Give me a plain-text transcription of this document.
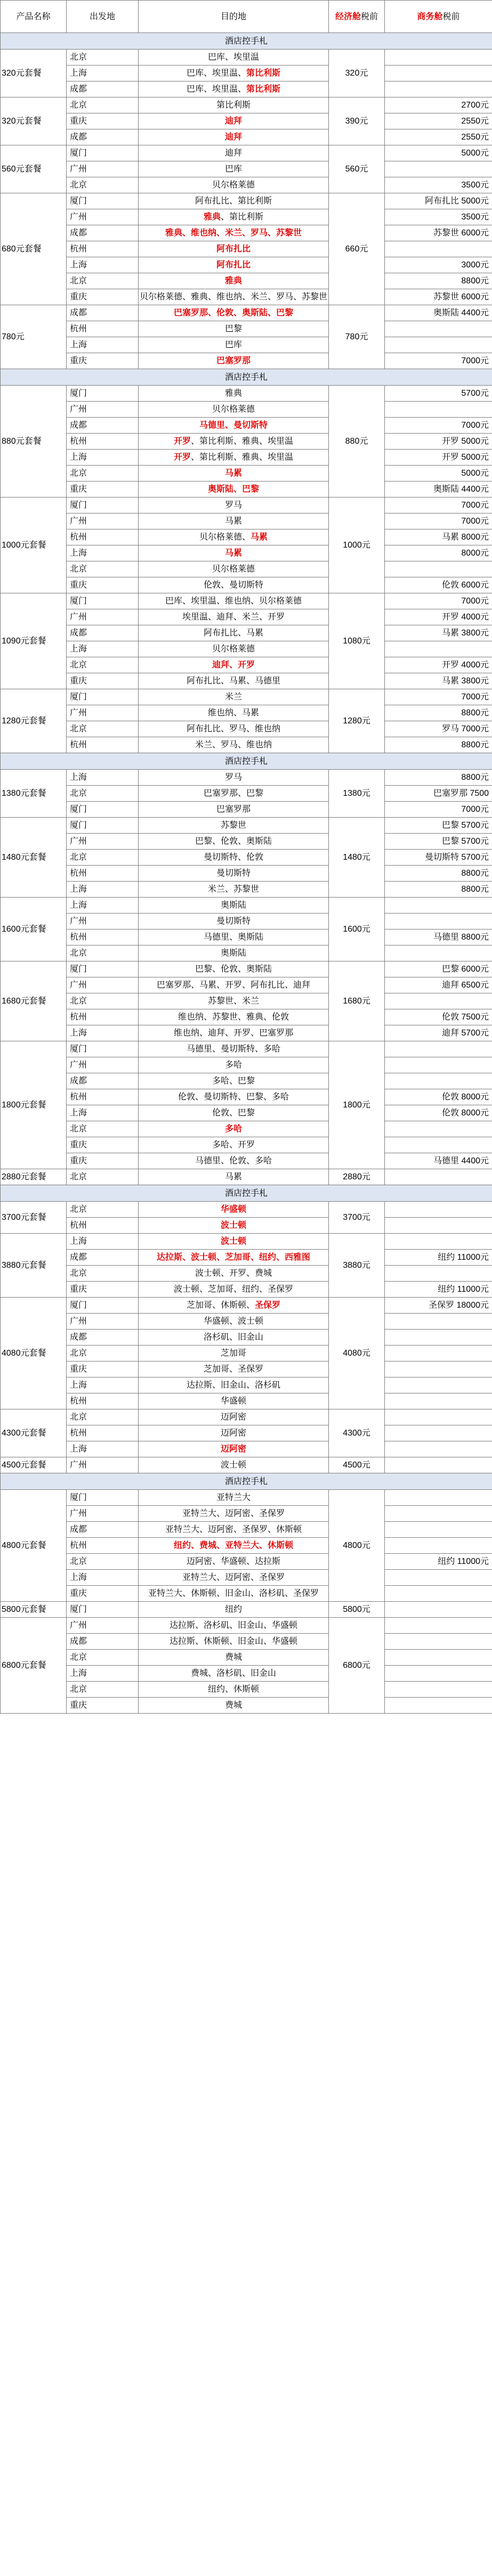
产品名称	出发地	目的地	经济舱税前	商务舱税前
酒店控手札				
320元套餐	北京	巴库、埃里温	320元	
	上海	巴库、埃里温、第比利斯		
	成都	巴库、埃里温、第比利斯		
320元套餐	北京	第比利斯	390元	2700元
	重庆	迪拜		2550元
	成都	迪拜		2550元
560元套餐	厦门	迪拜	560元	5000元
	广州	巴库		
	北京	贝尔格莱德		3500元
680元套餐	厦门	阿布扎比、第比利斯	660元	阿布扎比 5000元
	广州	雅典、第比利斯		3500元
	成都	雅典、维也纳、米兰、罗马、苏黎世		苏黎世 6000元
	杭州	阿布扎比		
	上海	阿布扎比		3000元
	北京	雅典		8800元
	重庆	贝尔格莱德、雅典、维也纳、米兰、罗马、苏黎世		苏黎世 6000元
780元	成都	巴塞罗那、伦敦、奥斯陆、巴黎	780元	奥斯陆 4400元
	杭州	巴黎		
	上海	巴库		
	重庆	巴塞罗那		7000元
酒店控手札				
880元套餐	厦门	雅典	880元	5700元
	广州	贝尔格莱德		
	成都	马德里、曼切斯特		7000元
	杭州	开罗、第比利斯、雅典、埃里温		开罗 5000元
	上海	开罗、第比利斯、雅典、埃里温		开罗 5000元
	北京	马累		5000元
	重庆	奥斯陆、巴黎		奥斯陆 4400元
1000元套餐	厦门	罗马	1000元	7000元
	广州	马累		7000元
	杭州	贝尔格莱德、马累		马累 8000元
	上海	马累		8000元
	北京	贝尔格莱德		
	重庆	伦敦、曼切斯特		伦敦 6000元
1090元套餐	厦门	巴库、埃里温、维也纳、贝尔格莱德	1080元	7000元
	广州	埃里温、迪拜、米兰、开罗		开罗 4000元
	成都	阿布扎比、马累		马累 3800元
	上海	贝尔格莱德		
	北京	迪拜、开罗		开罗 4000元
	重庆	阿布扎比、马累、马德里		马累 3800元
1280元套餐	厦门	米兰	1280元	7000元
	广州	维也纳、马累		8800元
	北京	阿布扎比、罗马、维也纳		罗马 7000元
	杭州	米兰、罗马、维也纳		8800元
酒店控手札				
1380元套餐	上海	罗马	1380元	8800元
	北京	巴塞罗那、巴黎		巴塞罗那 7500
	厦门	巴塞罗那		7000元
1480元套餐	厦门	苏黎世	1480元	巴黎 5700元
	广州	巴黎、伦敦、奥斯陆		巴黎 5700元
	北京	曼切斯特、伦敦		曼切斯特 5700元
	杭州	曼切斯特		8800元
	上海	米兰、苏黎世		8800元
1600元套餐	上海	奥斯陆	1600元	
	广州	曼切斯特		
	杭州	马德里、奥斯陆		马德里 8800元
	北京	奥斯陆		
1680元套餐	厦门	巴黎、伦敦、奥斯陆	1680元	巴黎 6000元
	广州	巴塞罗那、马累、开罗、阿布扎比、迪拜		迪拜 6500元
	北京	苏黎世、米兰		
	杭州	维也纳、苏黎世、雅典、伦敦		伦敦 7500元
	上海	维也纳、迪拜、开罗、巴塞罗那		迪拜 5700元
1800元套餐	厦门	马德里、曼切斯特、多哈	1800元	
	广州	多哈		
	成都	多哈、巴黎		
	杭州	伦敦、曼切斯特、巴黎、多哈		伦敦 8000元
	上海	伦敦、巴黎		伦敦 8000元
	北京	多哈		
	重庆	多哈、开罗		
	重庆	马德里、伦敦、多哈		马德里 4400元
2880元套餐	北京	马累	2880元	
酒店控手札				
3700元套餐	北京	华盛顿	3700元	
	杭州	波士顿		
3880元套餐	上海	波士顿	3880元	
	成都	达拉斯、波士顿、芝加哥、纽约、西雅图		纽约 11000元
	北京	波士顿、开罗、费城		
	重庆	波士顿、芝加哥、纽约、圣保罗		纽约 11000元
4080元套餐	厦门	芝加哥、休斯顿、圣保罗	4080元	圣保罗 18000元
	广州	华盛顿、波士顿		
	成都	洛杉矶、旧金山		
	北京	芝加哥		
	重庆	芝加哥、圣保罗		
	上海	达拉斯、旧金山、洛杉矶		
	杭州	华盛顿		
4300元套餐	北京	迈阿密	4300元	
	杭州	迈阿密		
	上海	迈阿密		
4500元套餐	广州	波士顿	4500元	
酒店控手札				
4800元套餐	厦门	亚特兰大	4800元	
	广州	亚特兰大、迈阿密、圣保罗		
	成都	亚特兰大、迈阿密、圣保罗、休斯顿		
	杭州	纽约、费城、亚特兰大、休斯顿		
	北京	迈阿密、华盛顿、达拉斯		纽约 11000元
	上海	亚特兰大、迈阿密、圣保罗		
	重庆	亚特兰大、休斯顿、旧金山、洛杉矶、圣保罗		
5800元套餐	厦门	纽约	5800元	
6800元套餐	广州	达拉斯、洛杉矶、旧金山、华盛顿	6800元	
	成都	达拉斯、休斯顿、旧金山、华盛顿		
	北京	费城		
	上海	费城、洛杉矶、旧金山		
	北京	纽约、休斯顿		
	重庆	费城		
